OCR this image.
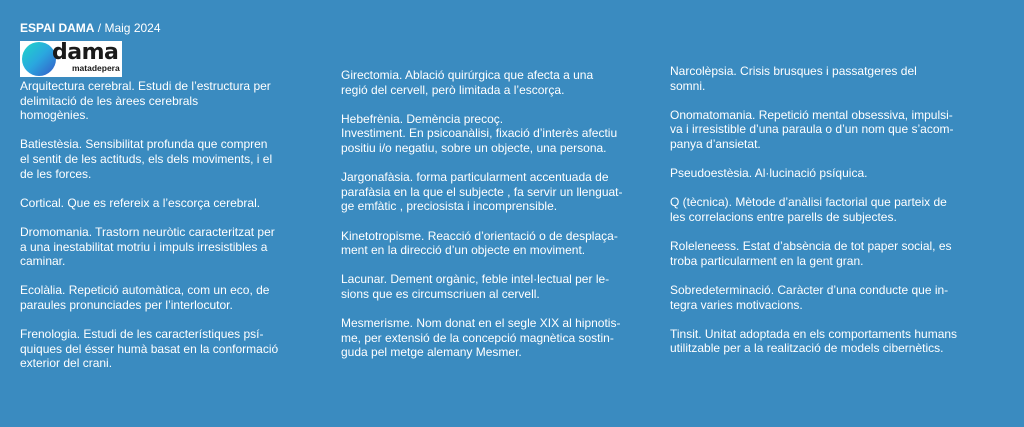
ESPAI DAMA / Maig 2024
dama
matadepera

Arquitectura cerebral. Estudi de l’estructura per
delimitació de les àrees cerebrals
homogènies.

Batiestèsia. Sensibilitat profunda que compren
el sentit de les actituds, els dels moviments, i el
de les forces.

Cortical. Que es refereix a l’escorça cerebral.

Dromomania. Trastorn neuròtic caracteritzat per
a una inestabilitat motriu i impuls irresistibles a
caminar.

Ecolàlia. Repetició automàtica, com un eco, de
paraules pronunciades per l’interlocutor.

Frenologia. Estudi de les característiques psí-
quiques del ésser humà basat en la conformació
exterior del crani.

Girectomia. Ablació quirúrgica que afecta a una
regió del cervell, però limitada a l’escorça.

Hebefrènia. Demència precoç.
Investiment. En psicoanàlisi, fixació d’interès afectiu
positiu i/o negatiu, sobre un objecte, una persona.

Jargonafàsia. forma particularment accentuada de
parafàsia en la que el subjecte , fa servir un llenguat-
ge emfàtic , preciosista i incomprensible.

Kinetotropisme. Reacció d’orientació o de desplaça-
ment en la direcció d’un objecte en moviment.

Lacunar. Dement orgànic, feble intel·lectual per le-
sions que es circumscriuen al cervell.

Mesmerisme. Nom donat en el segle XIX al hipnotis-
me, per extensió de la concepció magnètica sostin-
guda pel metge alemany Mesmer.

Narcolèpsia. Crisis brusques i passatgeres del
somni.

Onomatomania. Repetició mental obsessiva, impulsi-
va i irresistible d’una paraula o d’un nom que s’acom-
panya d’ansietat.

Pseudoestèsia. Al·lucinació psíquica.

Q (tècnica). Mètode d’anàlisi factorial que parteix de
les correlacions entre parells de subjectes.

Roleleneess. Estat d’absència de tot paper social, es
troba particularment en la gent gran.

Sobredeterminació. Caràcter d’una conducte que in-
tegra varies motivacions.

Tinsit. Unitat adoptada en els comportaments humans
utilitzable per a la realització de models cibernètics.
